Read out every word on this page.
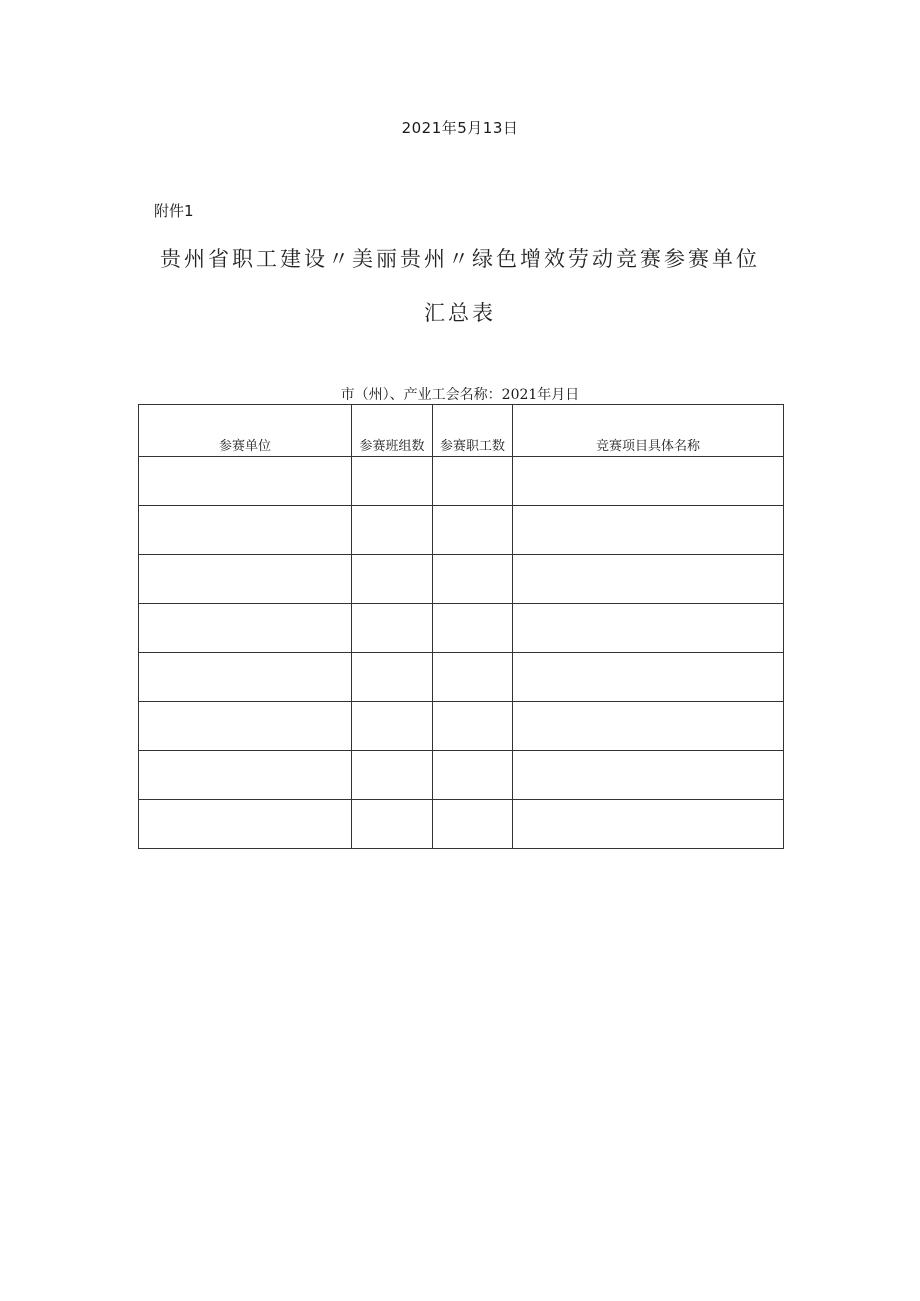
2021年5月13日
附件1
贵州省职工建设〃美丽贵州〃绿色增效劳动竞赛参赛单位汇总表
市（州）、产业工会名称：2021年月日
参赛单位	参赛班组数	参赛职工数	竞赛项目具体名称
